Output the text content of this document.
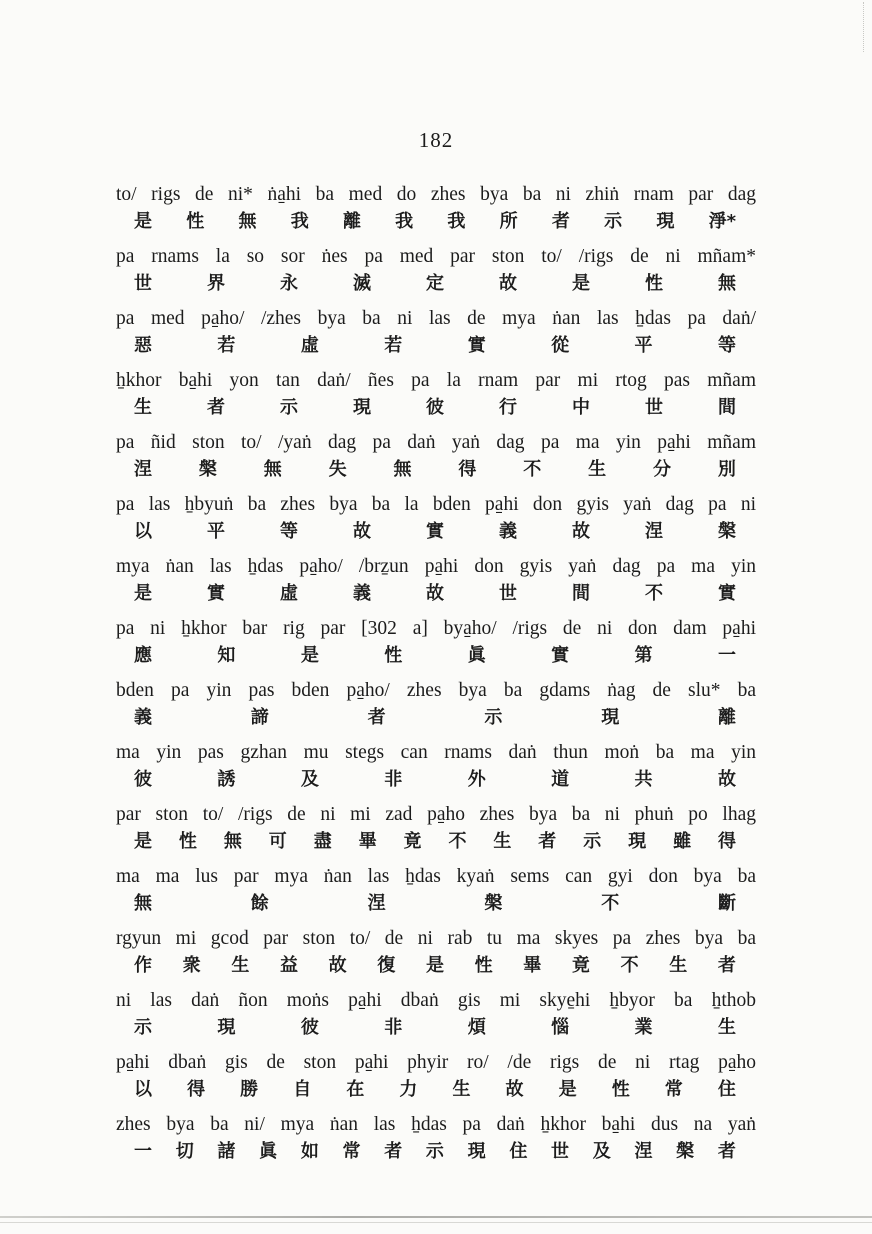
182
to/ rigs de ni* ṅa̱hi ba med do zhes bya ba ni zhiṅ rnam par dag
是 性 無 我 離 我 我 所 者 示 現 淨*
pa rnams la so sor ṅes pa med par ston to/ /rigs de ni mñam*
世	界	永	滅	定	故	是	性	無
pa med pa̱ho/ /zhes bya ba ni las de mya ṅan las ẖdas pa daṅ/
惡	若	虛	若	實	從	平	等
ẖkhor ba̱hi yon tan daṅ/ ñes pa la rnam par mi rtog pas mñam
生	者	示	現	彼	行	中	世	間
pa ñid ston to/ /yaṅ dag pa daṅ yaṅ dag pa ma yin pa̱hi mñam
涅	槃	無	失	無	得	不	生	分	別
pa las ẖbyuṅ ba zhes bya ba la bden pa̱hi don gyis yaṅ dag pa ni
以	平	等	故	實	義	故	涅	槃
mya ṅan las ẖdas pa̱ho/ /brẕun pa̱hi don gyis yaṅ dag pa ma yin
是	實	虛	義	故	世	間	不	實
pa ni ẖkhor bar rig par [302 a] bya̱ho/ /rigs de ni don dam pa̱hi
應	知	是	性	眞	實	第	一
bden pa yin pas bden pa̱ho/ zhes bya ba gdams ṅag de slu* ba
義	諦	者	示	現	離
ma yin pas gzhan mu stegs can rnams daṅ thun moṅ ba ma yin
彼	誘	及	非	外	道	共	故
par ston to/ /rigs de ni mi zad pa̱ho zhes bya ba ni phuṅ po lhag
是 性 無 可 盡 畢 竟 不 生 者 示 現 雖 得
ma ma lus par mya ṅan las ẖdas kyaṅ sems can gyi don bya ba
無	餘	涅	槃	不	斷
rgyun mi gcod par ston to/ de ni rab tu ma skyes pa zhes bya ba
作 衆 生 益 故 復 是 性 畢 竟 不 生 者
ni las daṅ ñon moṅs pa̱hi dbaṅ gis mi skye̱hi ẖbyor ba ẖthob
示	現	彼	非	煩	惱	業	生
pa̱hi dbaṅ gis de ston pa̱hi phyir ro/ /de rigs de ni rtag pa̱ho
以 得 勝 自 在 力 生 故 是 性 常 住
zhes bya ba ni/ mya ṅan las ẖdas pa daṅ ẖkhor ba̱hi dus na yaṅ
一 切 諸 眞 如 常 者 示 現 住 世 及 涅 槃 者
